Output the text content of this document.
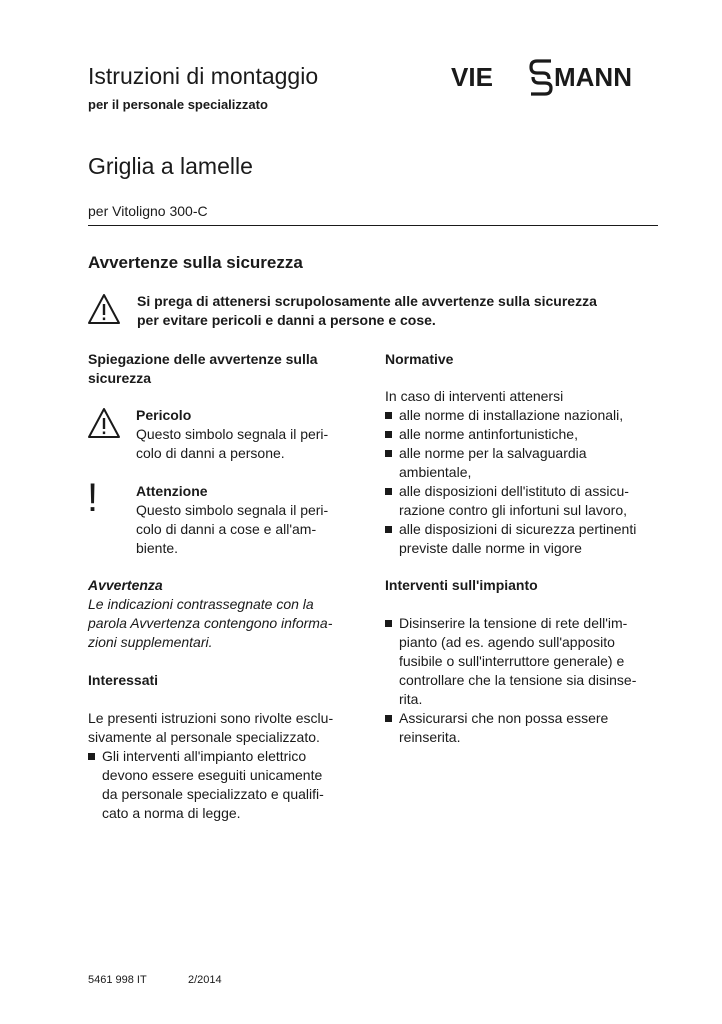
Istruzioni di montaggio
per il personale specializzato
VIE MANN
Griglia a lamelle
per Vitoligno 300-C
Avvertenze sulla sicurezza
Si prega di attenersi scrupolosamente alle avvertenze sulla sicurezza
per evitare pericoli e danni a persone e cose.
Spiegazione delle avvertenze sulla
sicurezza
Pericolo
Questo simbolo segnala il peri-
colo di danni a persone.
!	Attenzione
Questo simbolo segnala il peri-
colo di danni a cose e all'am-
biente.
Avvertenza
Le indicazioni contrassegnate con la
parola Avvertenza contengono informa-
zioni supplementari.
Interessati
Le presenti istruzioni sono rivolte esclu-
sivamente al personale specializzato.
Gli interventi all'impianto elettrico
devono essere eseguiti unicamente
da personale specializzato e qualifi-
cato a norma di legge.
Normative
In caso di interventi attenersi
alle norme di installazione nazionali,
alle norme antinfortunistiche,
alle norme per la salvaguardia
ambientale,
alle disposizioni dell'istituto di assicu-
razione contro gli infortuni sul lavoro,
alle disposizioni di sicurezza pertinenti
previste dalle norme in vigore
Interventi sull'impianto
Disinserire la tensione di rete dell'im-
pianto (ad es. agendo sull'apposito
fusibile o sull'interruttore generale) e
controllare che la tensione sia disinse-
rita.
Assicurarsi che non possa essere
reinserita.
5461 998 IT	2/2014
